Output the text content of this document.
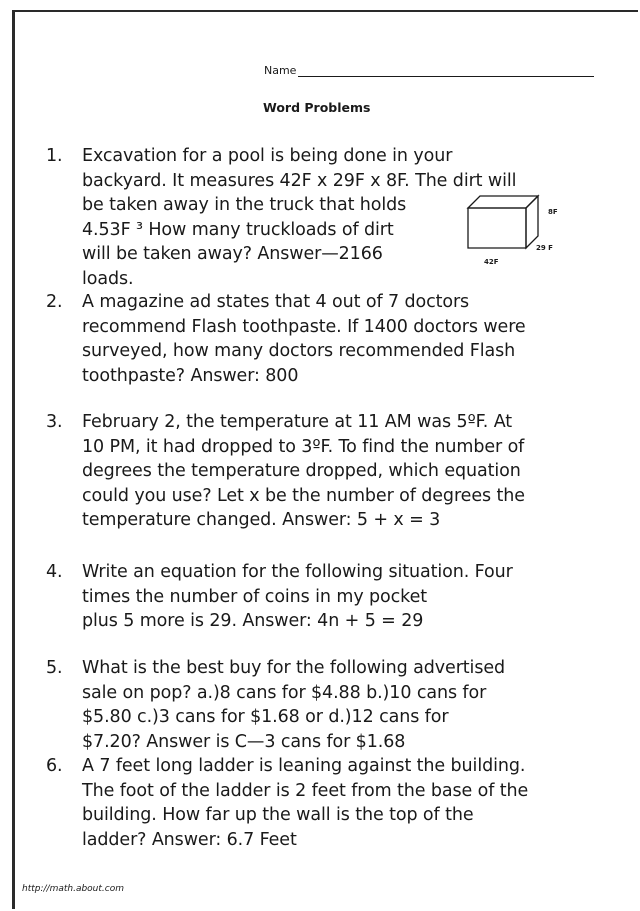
Name
Word Problems
1.	Excavation for a pool is being done in your
backyard. It measures 42F x 29F x 8F. The dirt will
be taken away in the truck that holds
4.53F ³ How many truckloads of dirt
will be taken away? Answer—2166
loads.
8F
29 F
42F
2.	A magazine ad states that 4 out of 7 doctors
recommend Flash toothpaste. If 1400 doctors were
surveyed, how many doctors recommended Flash
toothpaste? Answer: 800
3.	February 2, the temperature at 11 AM was 5ºF. At
10 PM, it had dropped to 3ºF. To find the number of
degrees the temperature dropped, which equation
could you use? Let x be the number of degrees the
temperature changed. Answer: 5 + x = 3
4.	Write an equation for the following situation. Four
times the number of coins in my pocket
plus 5 more is 29. Answer: 4n + 5 = 29
5.	What is the best buy for the following advertised
sale on pop? a.)8 cans for $4.88 b.)10 cans for
$5.80 c.)3 cans for $1.68 or d.)12 cans for
$7.20? Answer is C—3 cans for $1.68
6.	A 7 feet long ladder is leaning against the building.
The foot of the ladder is 2 feet from the base of the
building. How far up the wall is the top of the
ladder? Answer: 6.7 Feet
http://math.about.com
